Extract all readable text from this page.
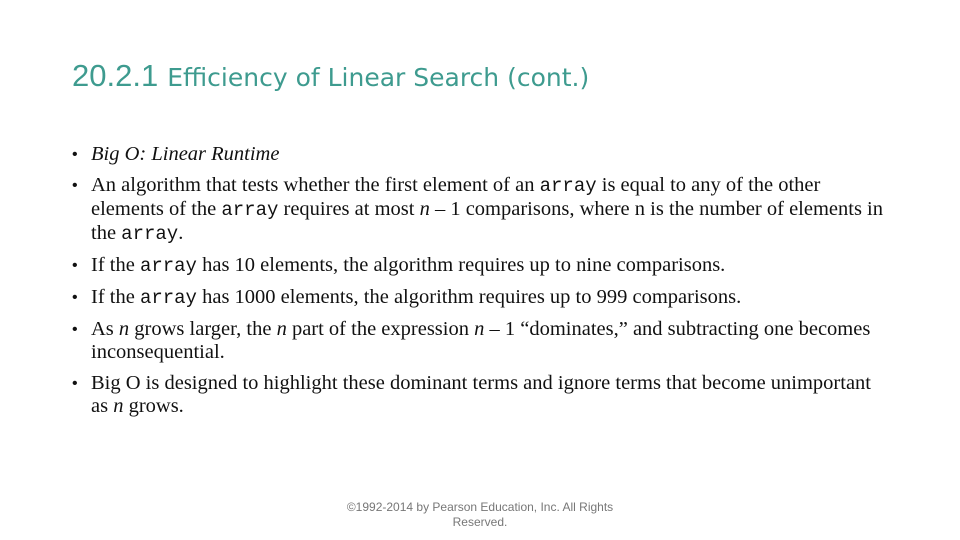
20.2.1 Efficiency of Linear Search (cont.)
• Big O: Linear Runtime
• An algorithm that tests whether the first element of an array is equal to any of the other elements of the array requires at most n – 1 comparisons, where n is the number of elements in the array.
• If the array has 10 elements, the algorithm requires up to nine comparisons.
• If the array has 1000 elements, the algorithm requires up to 999 comparisons.
• As n grows larger, the n part of the expression n – 1 “dominates,” and subtracting one becomes inconsequential.
• Big O is designed to highlight these dominant terms and ignore terms that become unimportant as n grows.
©1992-2014 by Pearson Education, Inc. All Rights
Reserved.
